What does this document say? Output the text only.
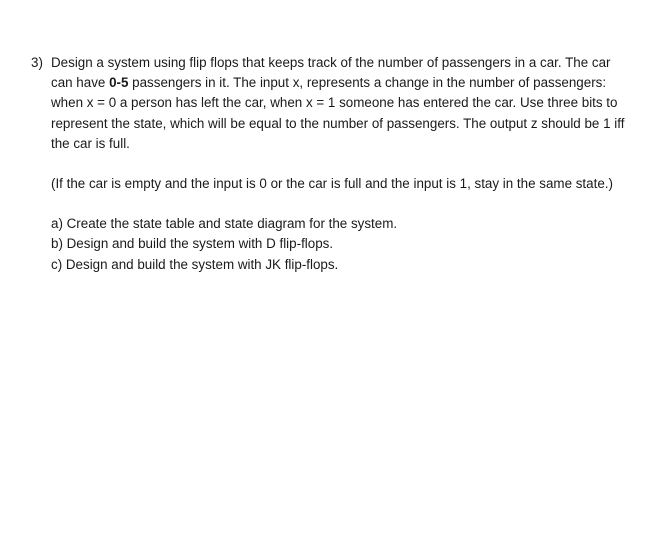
3) Design a system using flip flops that keeps track of the number of passengers in a car. The car can have 0-5 passengers in it. The input x, represents a change in the number of passengers: when x = 0 a person has left the car, when x = 1 someone has entered the car. Use three bits to represent the state, which will be equal to the number of passengers. The output z should be 1 iff the car is full.

(If the car is empty and the input is 0 or the car is full and the input is 1, stay in the same state.)

a) Create the state table and state diagram for the system.

b) Design and build the system with D flip-flops.

c) Design and build the system with JK flip-flops.
